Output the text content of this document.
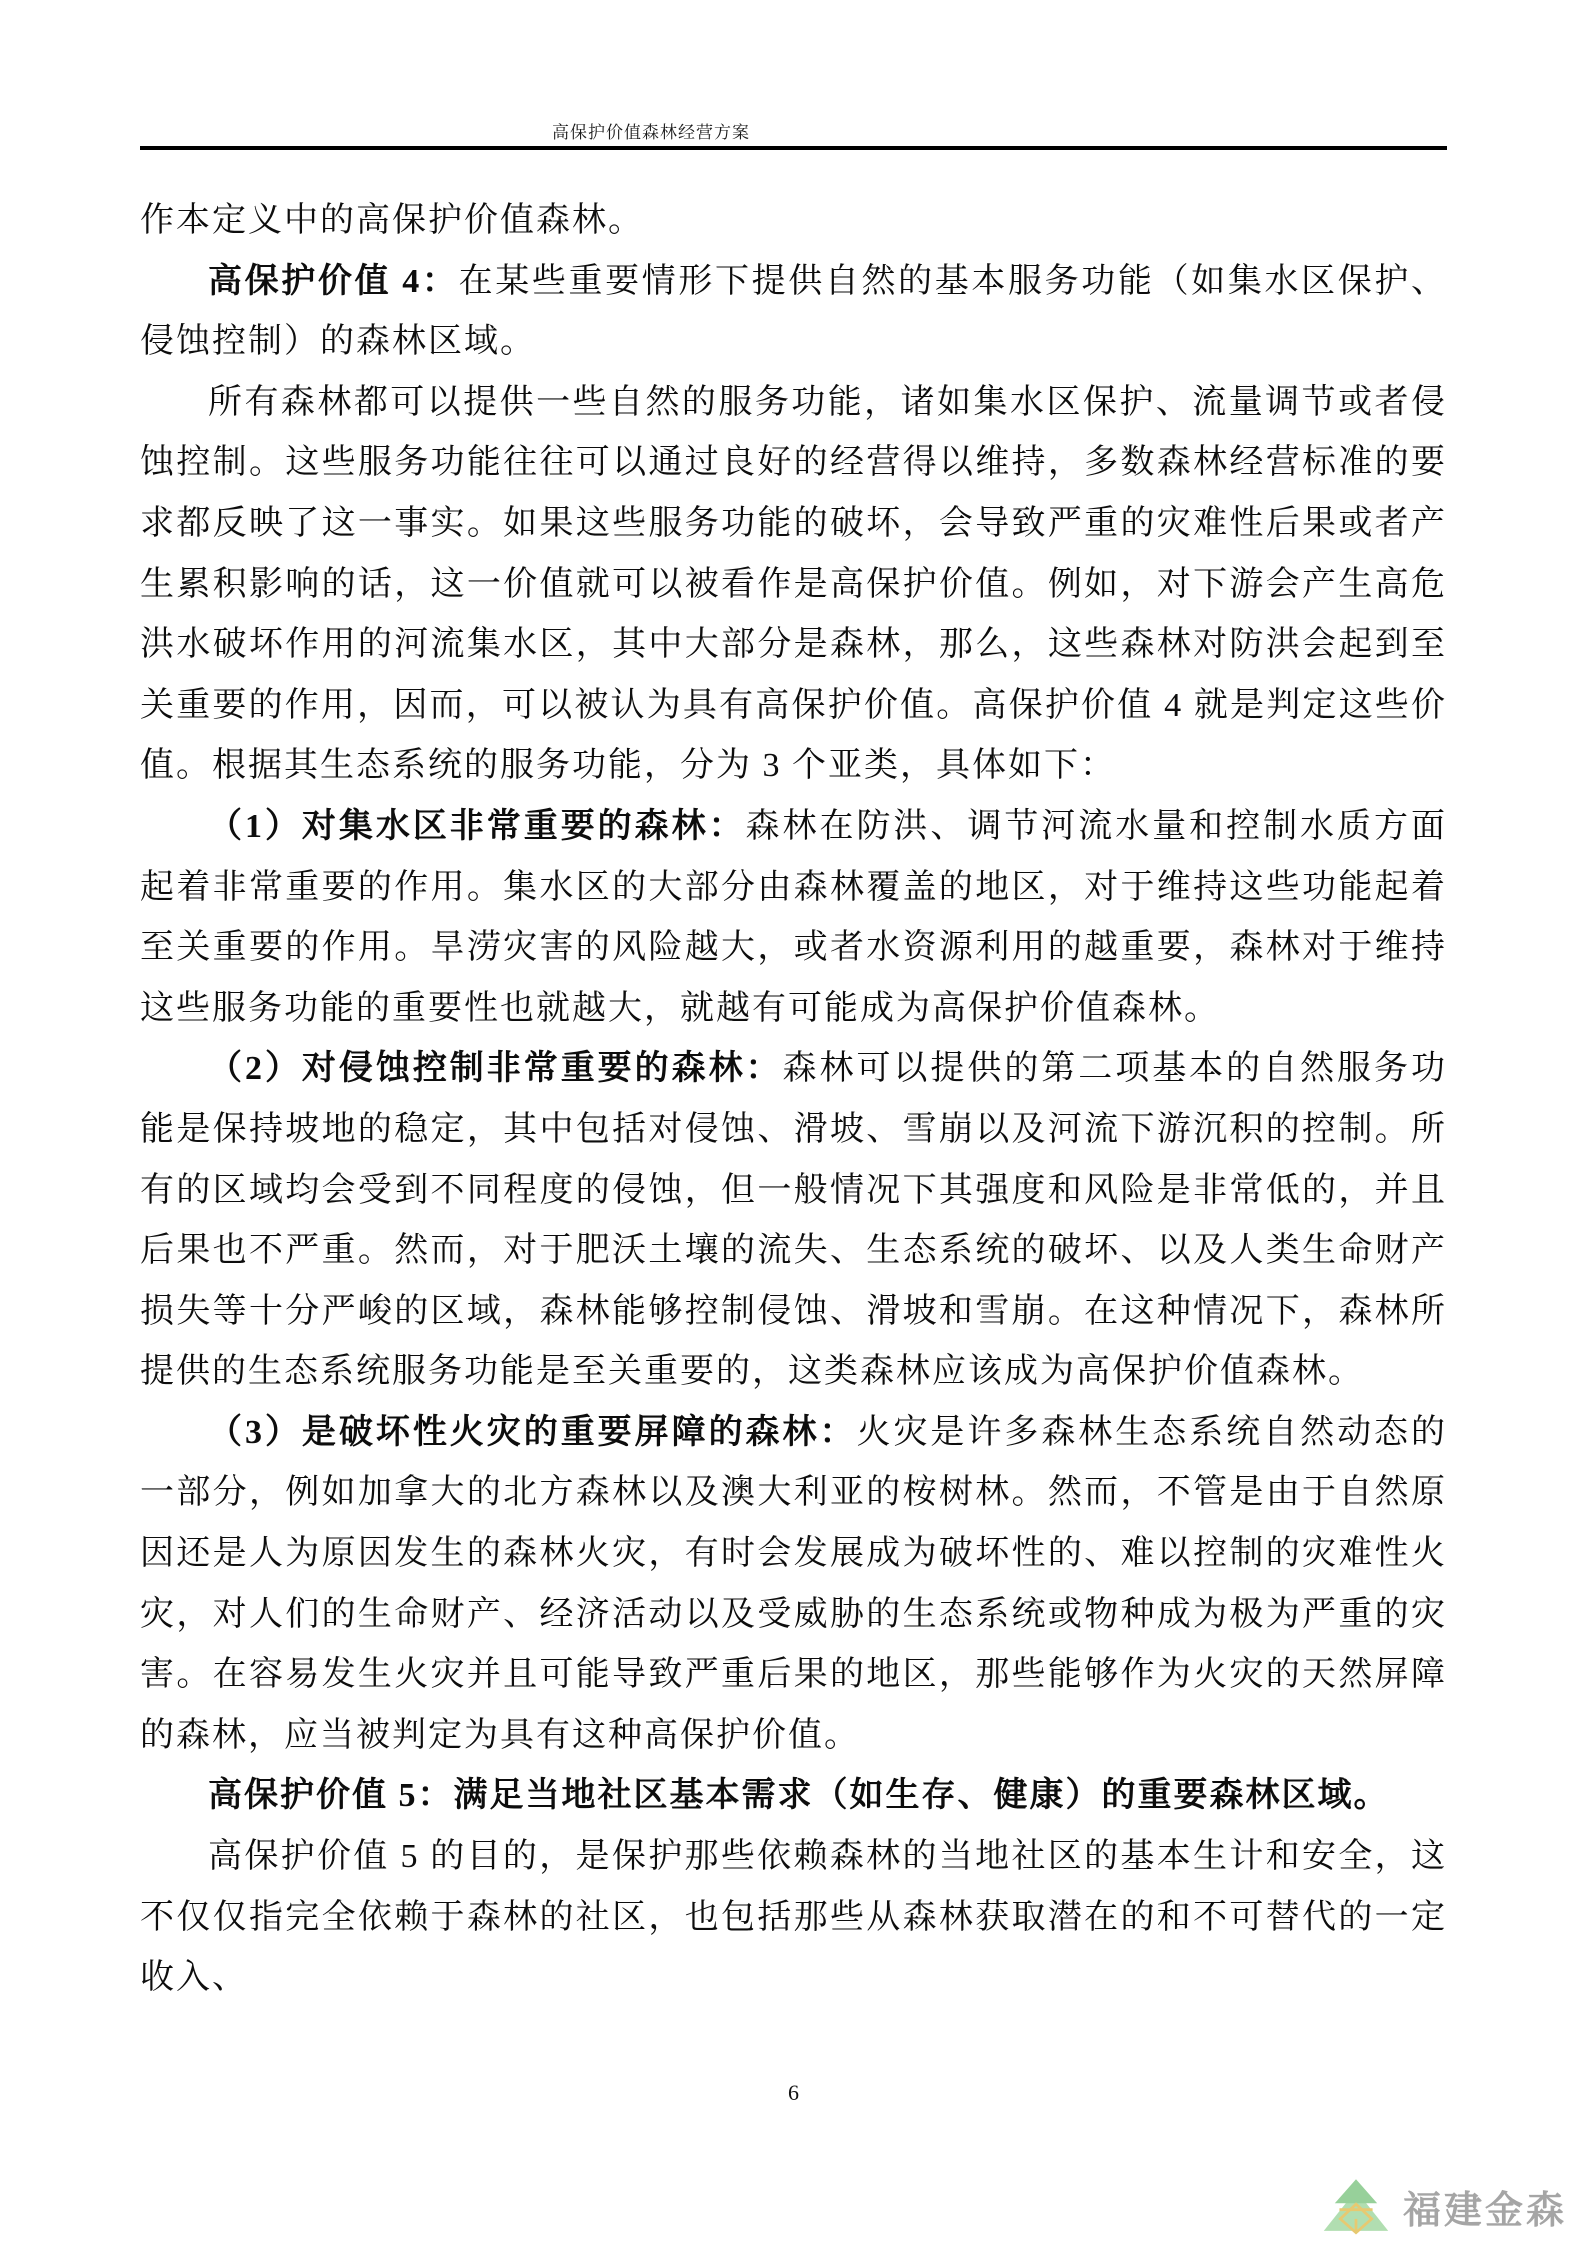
高保护价值森林经营方案

作本定义中的高保护价值森林。

高保护价值 4：在某些重要情形下提供自然的基本服务功能（如集水区保护、侵蚀控制）的森林区域。

所有森林都可以提供一些自然的服务功能，诸如集水区保护、流量调节或者侵蚀控制。这些服务功能往往可以通过良好的经营得以维持，多数森林经营标准的要求都反映了这一事实。如果这些服务功能的破坏，会导致严重的灾难性后果或者产生累积影响的话，这一价值就可以被看作是高保护价值。例如，对下游会产生高危洪水破坏作用的河流集水区，其中大部分是森林，那么，这些森林对防洪会起到至关重要的作用，因而，可以被认为具有高保护价值。高保护价值 4 就是判定这些价值。根据其生态系统的服务功能，分为 3 个亚类，具体如下：

（1）对集水区非常重要的森林：森林在防洪、调节河流水量和控制水质方面起着非常重要的作用。集水区的大部分由森林覆盖的地区，对于维持这些功能起着至关重要的作用。旱涝灾害的风险越大，或者水资源利用的越重要，森林对于维持这些服务功能的重要性也就越大，就越有可能成为高保护价值森林。

（2）对侵蚀控制非常重要的森林：森林可以提供的第二项基本的自然服务功能是保持坡地的稳定，其中包括对侵蚀、滑坡、雪崩以及河流下游沉积的控制。所有的区域均会受到不同程度的侵蚀，但一般情况下其强度和风险是非常低的，并且后果也不严重。然而，对于肥沃土壤的流失、生态系统的破坏、以及人类生命财产损失等十分严峻的区域，森林能够控制侵蚀、滑坡和雪崩。在这种情况下，森林所提供的生态系统服务功能是至关重要的，这类森林应该成为高保护价值森林。

（3）是破坏性火灾的重要屏障的森林：火灾是许多森林生态系统自然动态的一部分，例如加拿大的北方森林以及澳大利亚的桉树林。然而，不管是由于自然原因还是人为原因发生的森林火灾，有时会发展成为破坏性的、难以控制的灾难性火灾，对人们的生命财产、经济活动以及受威胁的生态系统或物种成为极为严重的灾害。在容易发生火灾并且可能导致严重后果的地区，那些能够作为火灾的天然屏障的森林，应当被判定为具有这种高保护价值。

高保护价值 5：满足当地社区基本需求（如生存、健康）的重要森林区域。

高保护价值 5 的目的，是保护那些依赖森林的当地社区的基本生计和安全，这不仅仅指完全依赖于森林的社区，也包括那些从森林获取潜在的和不可替代的一定收入、

6
福建金森
